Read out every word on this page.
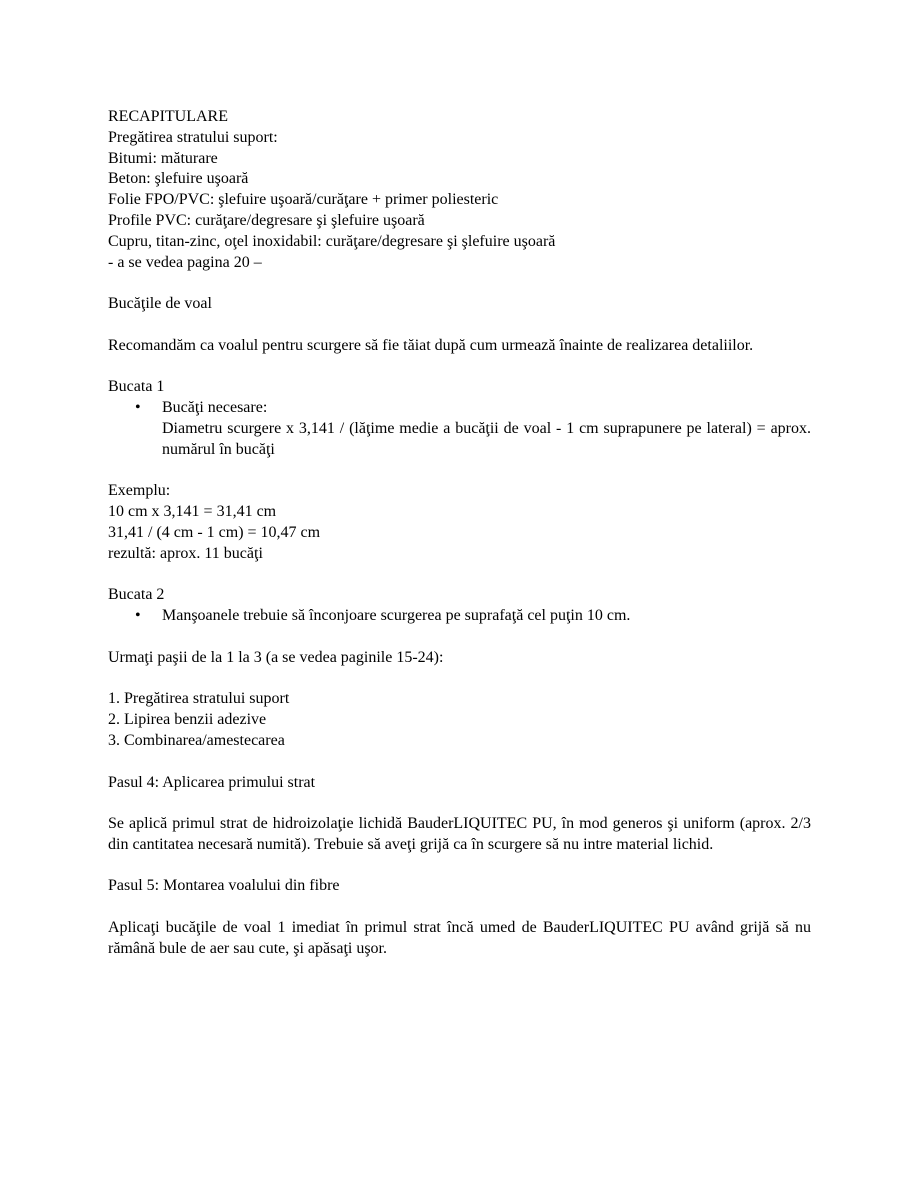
RECAPITULARE
Pregătirea stratului suport:
Bitumi: măturare
Beton: şlefuire uşoară
Folie FPO/PVC: şlefuire uşoară/curăţare + primer poliesteric
Profile PVC: curăţare/degresare şi şlefuire uşoară
Cupru, titan-zinc, oţel inoxidabil: curăţare/degresare şi şlefuire uşoară
- a se vedea pagina 20 –
Bucăţile de voal
Recomandăm ca voalul pentru scurgere să fie tăiat după cum urmează înainte de realizarea detaliilor.
Bucata 1
• Bucăţi necesare:
Diametru scurgere x 3,141 / (lăţime medie a bucăţii de voal - 1 cm suprapunere pe lateral) = aprox. numărul în bucăţi
Exemplu:
10 cm x 3,141 = 31,41 cm
31,41 / (4 cm - 1 cm) = 10,47 cm
rezultă: aprox. 11 bucăţi
Bucata 2
• Manşoanele trebuie să înconjoare scurgerea pe suprafaţă cel puţin 10 cm.
Urmaţi paşii de la 1 la 3 (a se vedea paginile 15-24):
1. Pregătirea stratului suport
2. Lipirea benzii adezive
3. Combinarea/amestecarea
Pasul 4: Aplicarea primului strat
Se aplică primul strat de hidroizolaţie lichidă BauderLIQUITEC PU, în mod generos şi uniform (aprox. 2/3 din cantitatea necesară numită). Trebuie să aveţi grijă ca în scurgere să nu intre material lichid.
Pasul 5: Montarea voalului din fibre
Aplicaţi bucăţile de voal 1 imediat în primul strat încă umed de BauderLIQUITEC PU având grijă să nu rămână bule de aer sau cute, şi apăsaţi uşor.
